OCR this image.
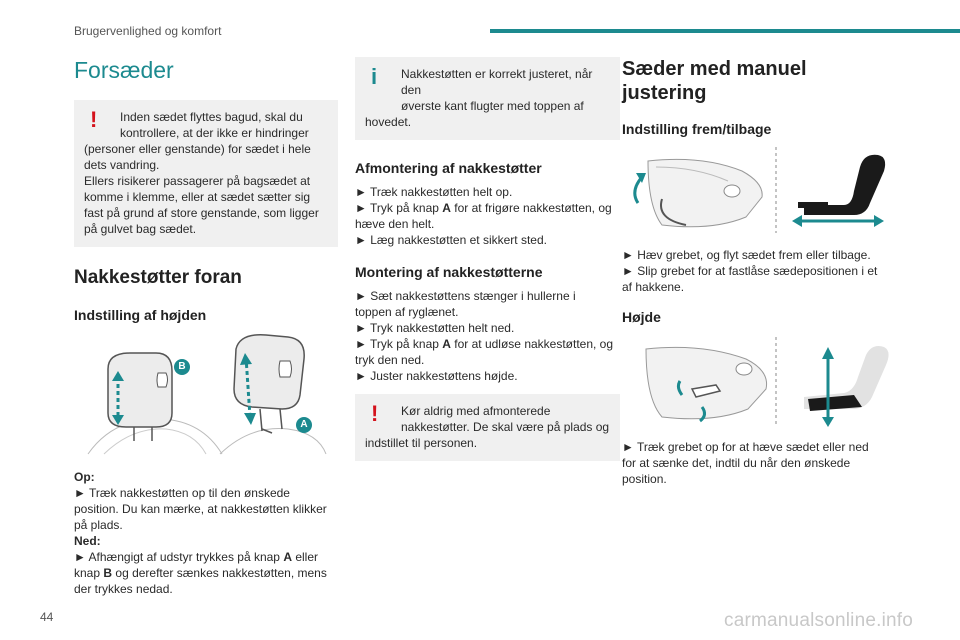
Brugervenlighed og komfort
Forsæder
!	Inden sædet flyttes bagud, skal du

kontrollere, at der ikke er hindringer

(personer eller genstande) for sædet i hele

dets vandring.

Ellers risikerer passagerer på bagsædet at

komme i klemme, eller at sædet sætter sig

fast på grund af store genstande, som ligger

på gulvet bag sædet.

Nakkestøtter foran
Indstilling af højden
B
A

Op:

► Træk nakkestøtten op til den ønskede

position. Du kan mærke, at nakkestøtten klikker

på plads.

Ned:

► Afhængigt af udstyr trykkes på knap A eller

knap B og derefter sænkes nakkestøtten, mens

der trykkes nedad.

i	Nakkestøtten er korrekt justeret, når den

øverste kant flugter med toppen af

hovedet.

Afmontering af nakkestøtter

► Træk nakkestøtten helt op.

► Tryk på knap A for at frigøre nakkestøtten, og

hæve den helt.

► Læg nakkestøtten et sikkert sted.

Montering af nakkestøtterne

► Sæt nakkestøttens stænger i hullerne i

toppen af ryglænet.

► Tryk nakkestøtten helt ned.

► Tryk på knap A for at udløse nakkestøtten, og

tryk den ned.

► Juster nakkestøttens højde.

!	Kør aldrig med afmonterede

nakkestøtter. De skal være på plads og

indstillet til personen.

Sæder med manuel
justering
Indstilling frem/tilbage

► Hæv grebet, og flyt sædet frem eller tilbage.

► Slip grebet for at fastlåse sædepositionen i et

af hakkene.

Højde

► Træk grebet op for at hæve sædet eller ned

for at sænke det, indtil du når den ønskede

position.

44	carmanualsonline.info
